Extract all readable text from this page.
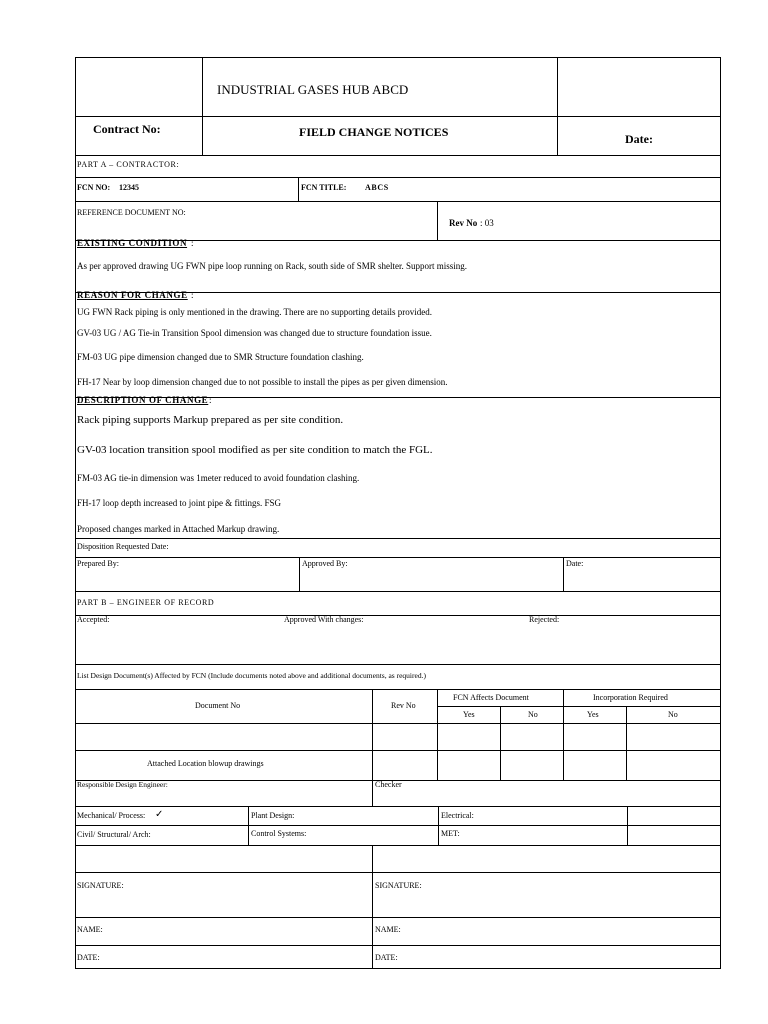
INDUSTRIAL GASES HUB ABCD
Contract No:	FIELD CHANGE NOTICES	Date:
PART A – CONTRACTOR:
FCN NO: 12345	FCN TITLE: ABCS
REFERENCE DOCUMENT NO:
Rev No : 03
EXISTING CONDITION :
As per approved drawing UG FWN pipe loop running on Rack, south side of SMR shelter. Support missing.
REASON FOR CHANGE :
UG FWN Rack piping is only mentioned in the drawing. There are no supporting details provided.
GV-03 UG / AG Tie-in Transition Spool dimension was changed due to structure foundation issue.
FM-03 UG pipe dimension changed due to SMR Structure foundation clashing.
FH-17 Near by loop dimension changed due to not possible to install the pipes as per given dimension.
DESCRIPTION OF CHANGE :
Rack piping supports Markup prepared as per site condition.
GV-03 location transition spool modified as per site condition to match the FGL.
FM-03 AG tie-in dimension was 1meter reduced to avoid foundation clashing.
FH-17 loop depth increased to joint pipe & fittings. FSG
Proposed changes marked in Attached Markup drawing.
Disposition Requested Date:
Prepared By:	Approved By:	Date:
PART B – ENGINEER OF RECORD
Accepted:	Approved With changes:	Rejected:
List Design Document(s) Affected by FCN (Include documents noted above and additional documents, as required.)
Document No	Rev No
FCN Affects Document	Incorporation Required
Yes	No	Yes	No
Attached Location blowup drawings
Responsible Design Engineer:	Checker
Mechanical/ Process: ✓	Plant Design:	Electrical:
Civil/ Structural/ Arch:	Control Systems:	MET:
SIGNATURE:	SIGNATURE:
NAME:	NAME:
DATE:	DATE:
